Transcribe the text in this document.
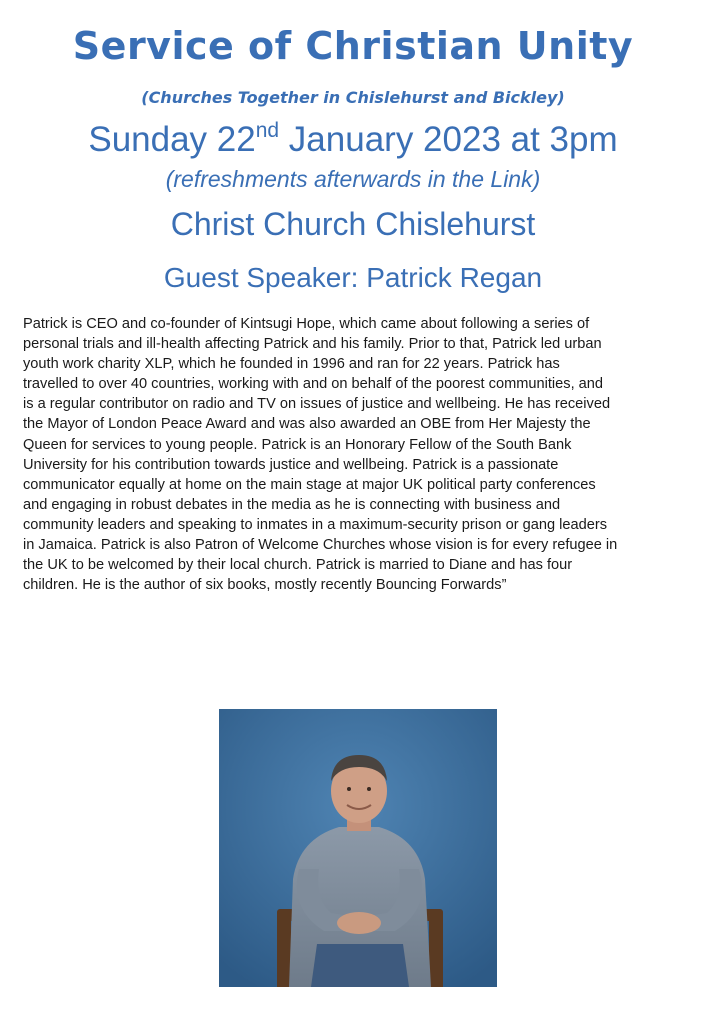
Service of Christian Unity

(Churches Together in Chislehurst and Bickley)

Sunday 22nd January 2023 at 3pm

(refreshments afterwards in the Link)

Christ Church Chislehurst

Guest Speaker: Patrick Regan

Patrick is CEO and co-founder of Kintsugi Hope, which came about following a series of
personal trials and ill-health affecting Patrick and his family. Prior to that, Patrick led urban
youth work charity XLP, which he founded in 1996 and ran for 22 years. Patrick has
travelled to over 40 countries, working with and on behalf of the poorest communities, and
is a regular contributor on radio and TV on issues of justice and wellbeing. He has received
the Mayor of London Peace Award and was also awarded an OBE from Her Majesty the
Queen for services to young people. Patrick is an Honorary Fellow of the South Bank
University for his contribution towards justice and wellbeing. Patrick is a passionate
communicator equally at home on the main stage at major UK political party conferences
and engaging in robust debates in the media as he is connecting with business and
community leaders and speaking to inmates in a maximum-security prison or gang leaders
in Jamaica. Patrick is also Patron of Welcome Churches whose vision is for every refugee in
the UK to be welcomed by their local church. Patrick is married to Diane and has four
children. He is the author of six books, mostly recently Bouncing Forwards”
